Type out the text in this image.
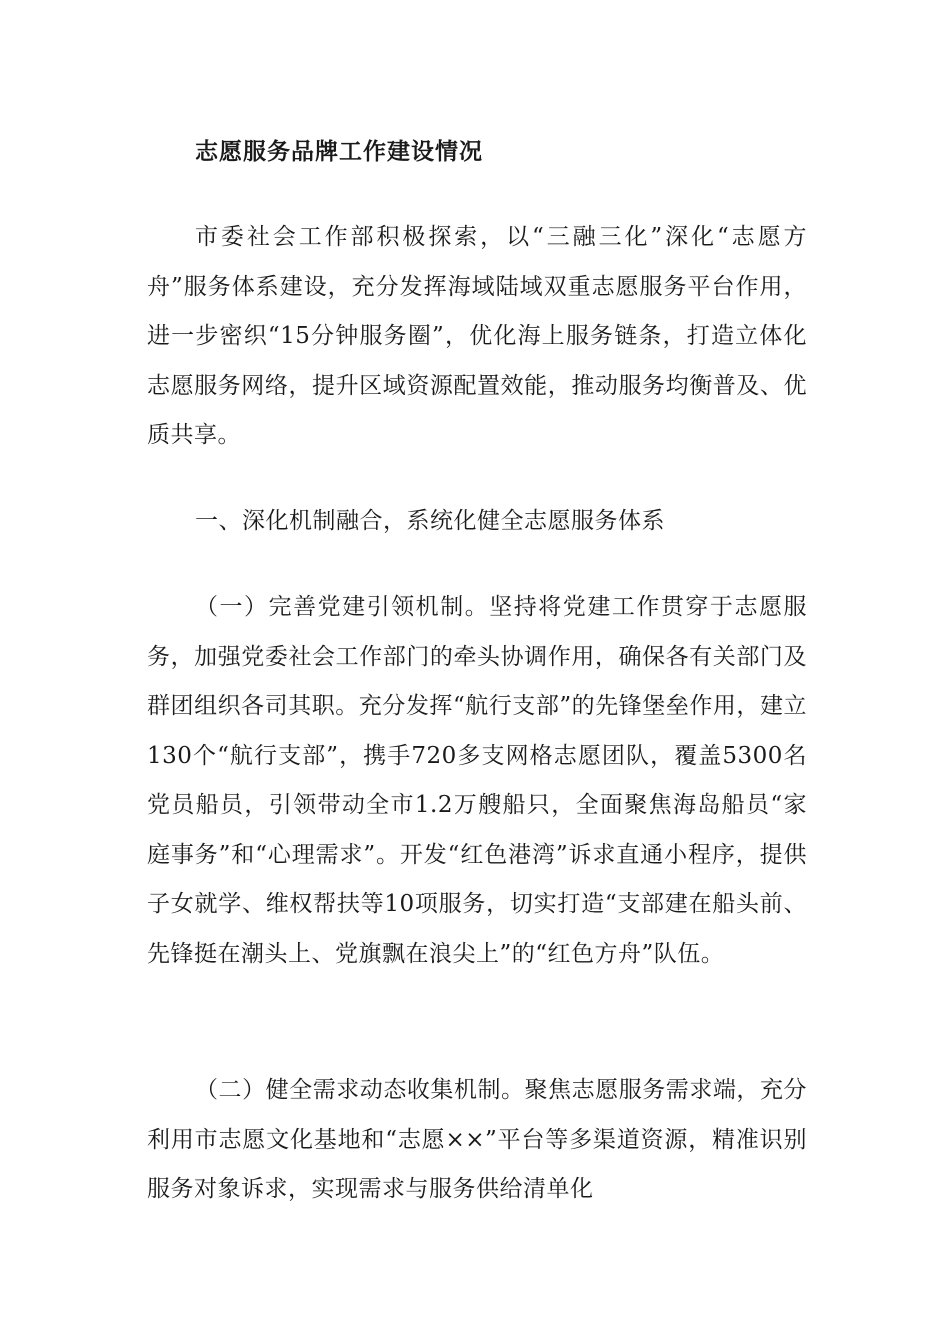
志愿服务品牌工作建设情况

市委社会工作部积极探索，以“三融三化”深化“志愿方舟”服务体系建设，充分发挥海域陆域双重志愿服务平台作用，进一步密织“15分钟服务圈”，优化海上服务链条，打造立体化志愿服务网络，提升区域资源配置效能，推动服务均衡普及、优质共享。

一、深化机制融合，系统化健全志愿服务体系

（一）完善党建引领机制。坚持将党建工作贯穿于志愿服务，加强党委社会工作部门的牵头协调作用，确保各有关部门及群团组织各司其职。充分发挥“航行支部”的先锋堡垒作用，建立130个“航行支部”，携手720多支网格志愿团队，覆盖5300名党员船员，引领带动全市1.2万艘船只，全面聚焦海岛船员“家庭事务”和“心理需求”。开发“红色港湾”诉求直通小程序，提供子女就学、维权帮扶等10项服务，切实打造“支部建在船头前、先锋挺在潮头上、党旗飘在浪尖上”的“红色方舟”队伍。

（二）健全需求动态收集机制。聚焦志愿服务需求端，充分利用市志愿文化基地和“志愿××”平台等多渠道资源，精准识别服务对象诉求，实现需求与服务供给清单化
